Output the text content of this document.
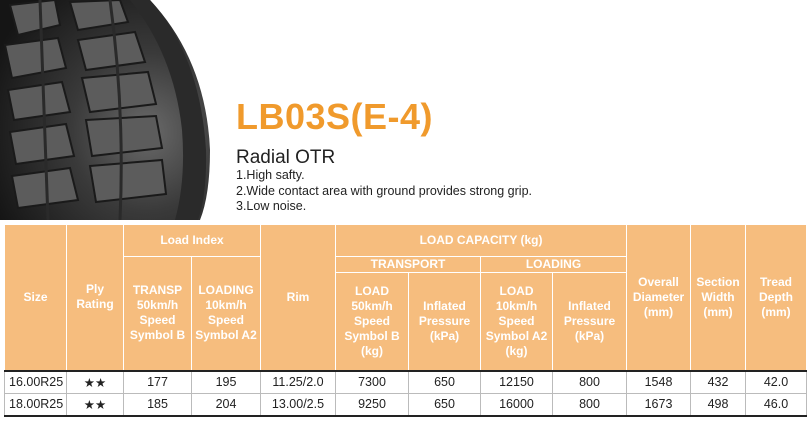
LB03S(E-4)
Radial OTR
1.High safty.
2.Wide contact area with ground provides strong grip.
3.Low noise.
Size	Ply Rating	Load Index		Rim	LOAD CAPACITY (kg)				Overall Diameter (mm)	Section Width (mm)	Tread Depth (mm)
		TRANSP 50km/h Speed Symbol B	LOADING 10km/h Speed Symbol A2		TRANSPORT		LOADING				
					LOAD 50km/h Speed Symbol B (kg)	Inflated Pressure (kPa)	LOAD 10km/h Speed Symbol A2 (kg)	Inflated Pressure (kPa)			
16.00R25	★★	177	195	11.25/2.0	7300	650	12150	800	1548	432	42.0
18.00R25	★★	185	204	13.00/2.5	9250	650	16000	800	1673	498	46.0
